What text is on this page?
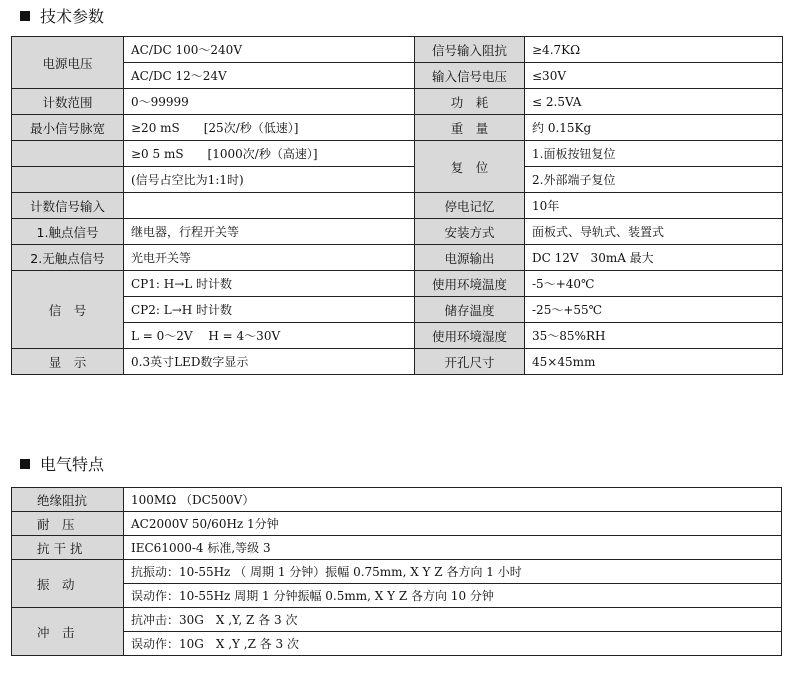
技术参数
电源电压	AC/DC 100～240V	信号输入阻抗	≥4.7KΩ
	AC/DC 12～24V	输入信号电压	≤30V
计数范围	0～99999	功　耗	≤ 2.5VA
最小信号脉宽	≥20 mS　　[25次/秒（低速）]	重　量	约 0.15Kg
	≥0 5 mS　　[1000次/秒（高速）]	复　位	1.面板按钮复位
	(信号占空比为1:1时)		2.外部端子复位
计数信号输入		停电记忆	10年
1.触点信号	继电器，行程开关等	安装方式	面板式、导轨式、装置式
2.无触点信号	光电开关等	电源输出	DC 12V　30mA 最大
信　号	CP1: H→L 时计数	使用环境温度	-5～+40℃
	CP2: L→H 时计数	储存温度	-25～+55℃
	L = 0～2V　 H = 4～30V	使用环境湿度	35～85%RH
显　示	0.3英寸LED数字显示	开孔尺寸	45×45mm
电气特点
绝缘阻抗	100MΩ （DC500V）
耐　压	AC2000V 50/60Hz 1分钟
抗 干 扰	IEC61000-4 标准,等级 3
振　动	抗振动：10-55Hz （ 周期 1 分钟）振幅 0.75mm, X Y Z 各方向 1 小时
	误动作：10-55Hz 周期 1 分钟振幅 0.5mm, X Y Z 各方向 10 分钟
冲　击	抗冲击：30G　X ,Y, Z 各 3 次
	误动作：10G　X ,Y ,Z 各 3 次
